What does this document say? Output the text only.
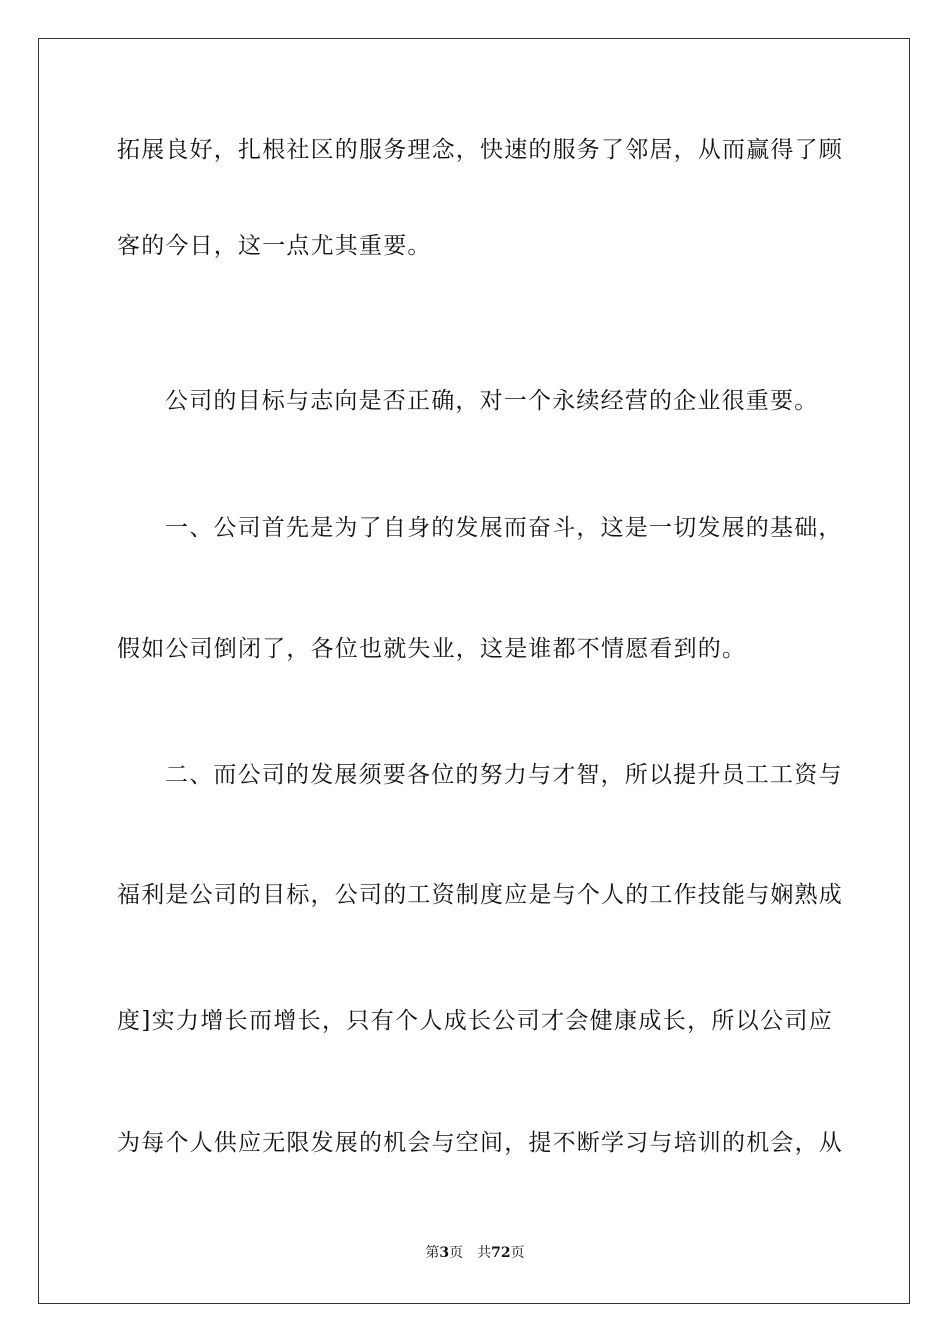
拓展良好，扎根社区的服务理念，快速的服务了邻居，从而赢得了顾
客的今日，这一点尤其重要。
公司的目标与志向是否正确，对一个永续经营的企业很重要。
一、公司首先是为了自身的发展而奋斗，这是一切发展的基础，
假如公司倒闭了，各位也就失业，这是谁都不情愿看到的。
二、而公司的发展须要各位的努力与才智，所以提升员工工资与
福利是公司的目标，公司的工资制度应是与个人的工作技能与娴熟成
度]实力增长而增长，只有个人成长公司才会健康成长，所以公司应
为每个人供应无限发展的机会与空间，提不断学习与培训的机会，从
第3页 共72页
